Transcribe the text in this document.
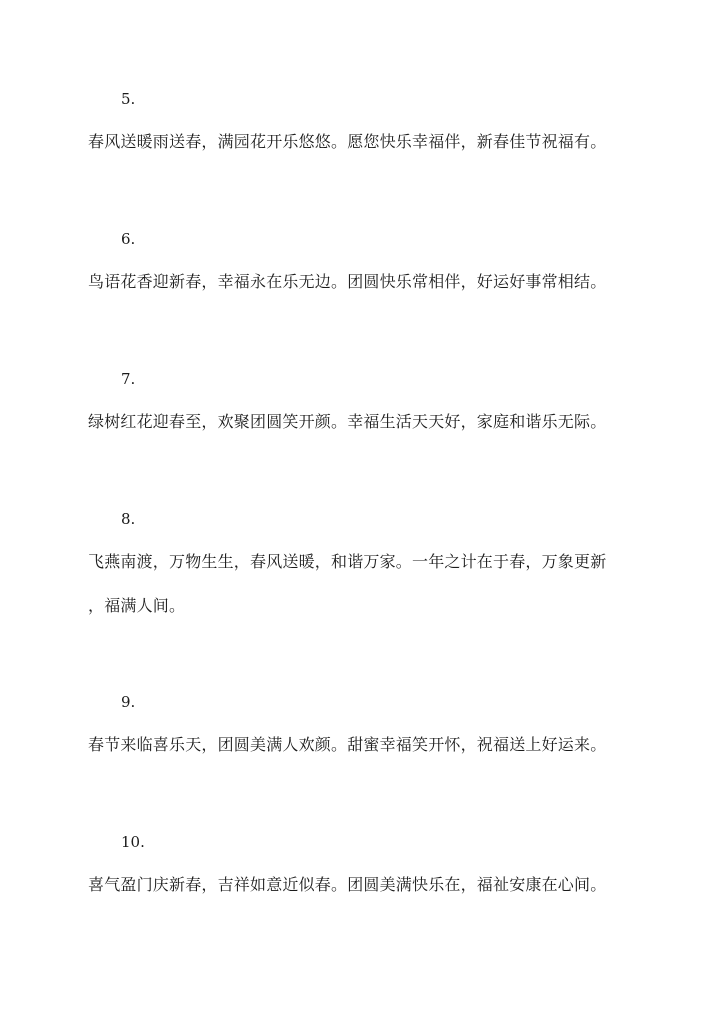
5.
春风送暖雨送春，满园花开乐悠悠。愿您快乐幸福伴，新春佳节祝福有。
6.
鸟语花香迎新春，幸福永在乐无边。团圆快乐常相伴，好运好事常相结。
7.
绿树红花迎春至，欢聚团圆笑开颜。幸福生活天天好，家庭和谐乐无际。
8.
飞燕南渡，万物生生，春风送暖，和谐万家。一年之计在于春，万象更新
，福满人间。
9.
春节来临喜乐天，团圆美满人欢颜。甜蜜幸福笑开怀，祝福送上好运来。
10.
喜气盈门庆新春，吉祥如意近似春。团圆美满快乐在，福祉安康在心间。
